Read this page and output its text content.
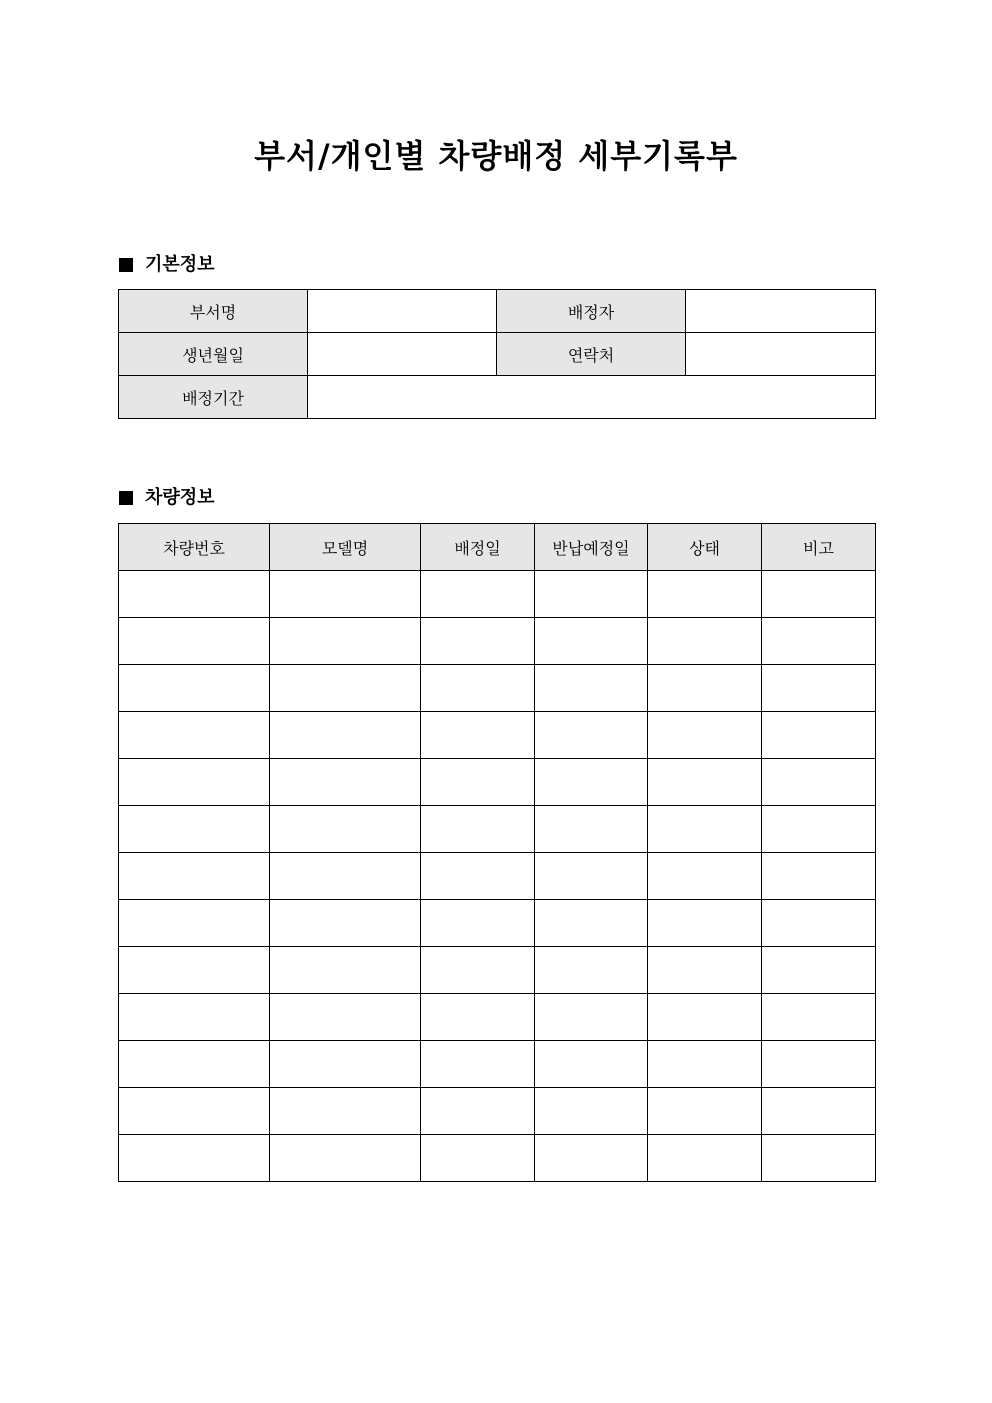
부서/개인별 차량배정 세부기록부
기본정보
부서명		배정자	
생년월일		연락처	
배정기간			
차량정보
차량번호	모델명	배정일	반납예정일	상태	비고
